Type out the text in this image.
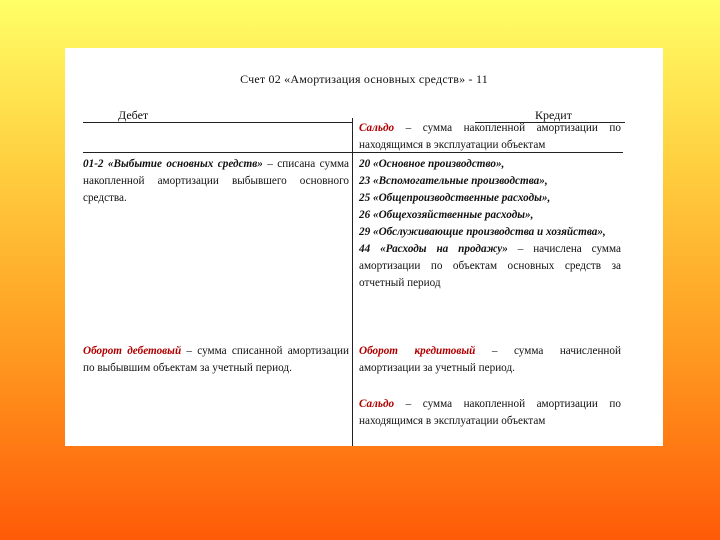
Счет 02 «Амортизация основных средств» - 11
Дебет	Кредит

Сальдо – сумма накопленной амортизации по находящимся в эксплуатации объектам

01-2 «Выбытие основных средств» – списана сумма накопленной амортизации выбывшего основного средства.

20 «Основное производство»,
23 «Вспомогательные производства»,
25 «Общепроизводственные расходы»,
26 «Общехозяйственные расходы»,
29 «Обслуживающие производства и хозяйства»,
44 «Расходы на продажу» – начислена сумма амортизации по объектам основных средств за отчетный период

Оборот дебетовый – сумма списанной амортизации по выбывшим объектам за учетный период.

Оборот кредитовый – сумма начисленной амортизации за учетный период.

Сальдо – сумма накопленной амортизации по находящимся в эксплуатации объектам
